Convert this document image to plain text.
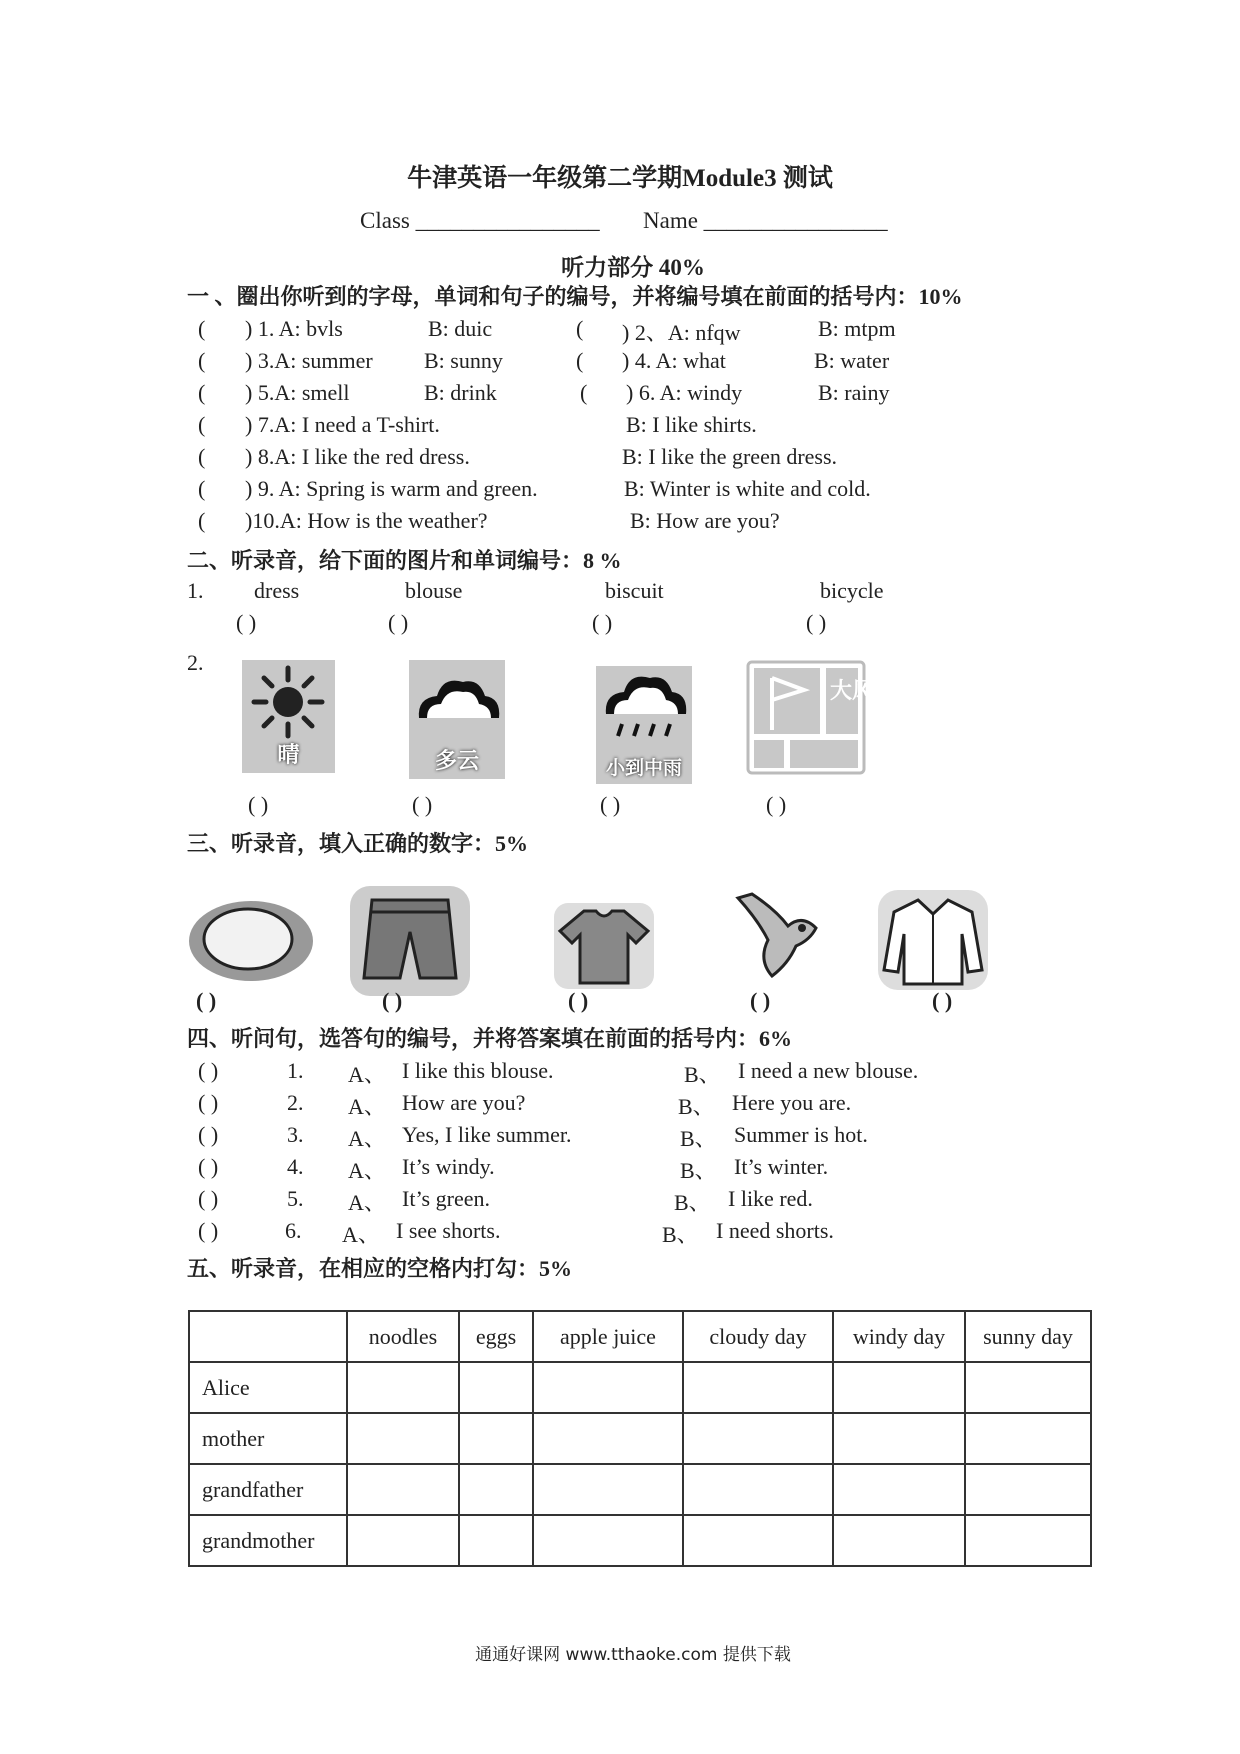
牛津英语一年级第二学期Module3 测试
Class ________________ Name ________________
听力部分 40%
一 、圈出你听到的字母，单词和句子的编号，并将编号填在前面的括号内：10%
( ) 1. A: bvls	B: duic	( ) 2、A: nfqw	B: mtpm
( ) 3.A: summer B: sunny	( ) 4. A: what	B: water
( ) 5.A: smell	B: drink	( ) 6. A: windy	B: rainy
( ) 7.A: I need a T-shirt.	B: I like shirts.
( ) 8.A: I like the red dress.	B: I like the green dress.
( ) 9. A: Spring is warm and green.	B: Winter is white and cold.
( )10.A: How is the weather?	B: How are you?
二、听录音，给下面的图片和单词编号：8 %
1. dress	blouse	biscuit	bicycle
( )	( )	( )	( )
2.
晴	多云	小到中雨
大风
( )	( )	( )	( )
三、听录音，填入正确的数字：5%
( )	( )	( )	( )	( )
四、听问句，选答句的编号，并将答案填在前面的括号内：6%
( )	1. A、 I like this blouse.	B、 I need a new blouse.
( )	2. A、 How are you?	B、 Here you are.
( )	3. A、 Yes, I like summer.	B、 Summer is hot.
( )	4. A、 It’s windy.	B、 It’s winter.
( )	5. A、 It’s green.	B、 I like red.
( )	6. A、 I see shorts.	B、 I need shorts.
五、听录音，在相应的空格内打勾：5%
	noodles	eggs	apple juice	cloudy day	windy day	sunny day
Alice						
mother						
grandfather						
grandmother						
通通好课网 www.tthaoke.com 提供下载
